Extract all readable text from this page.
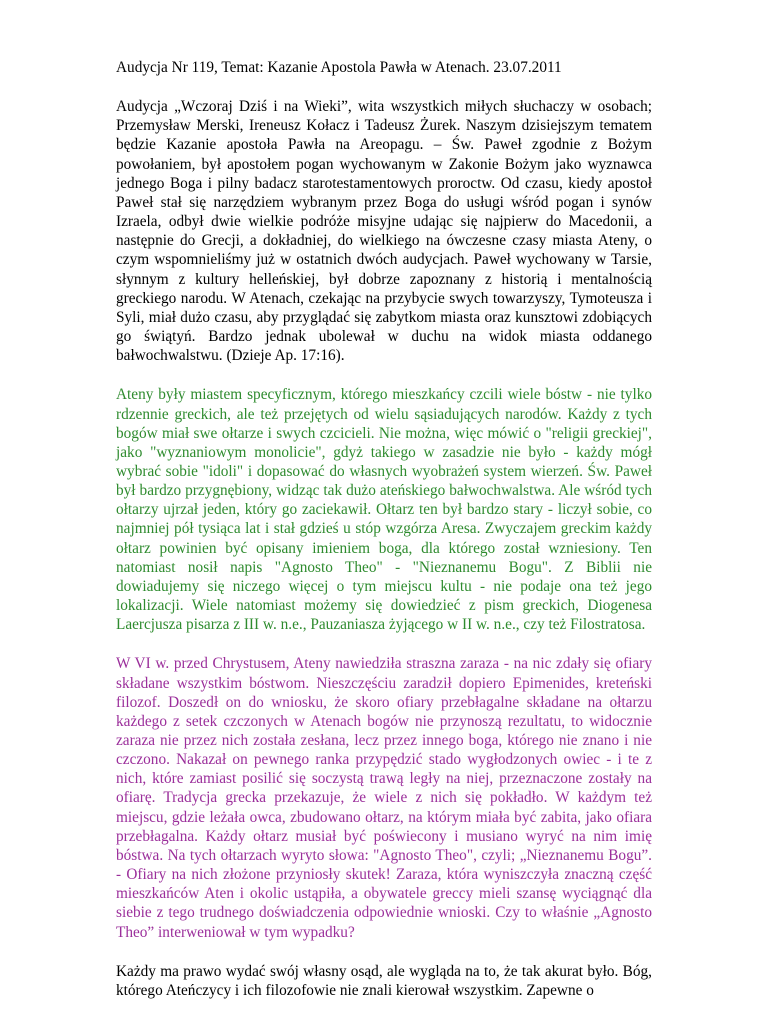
Audycja Nr 119, Temat: Kazanie Apostola Pawła w Atenach. 23.07.2011

Audycja „Wczoraj Dziś i na Wieki”, wita wszystkich miłych słuchaczy w osobach; Przemysław Merski, Ireneusz Kołacz i Tadeusz Żurek. Naszym dzisiejszym tematem będzie Kazanie apostoła Pawła na Areopagu. – Św. Paweł zgodnie z Bożym powołaniem, był apostołem pogan wychowanym w Zakonie Bożym jako wyznawca jednego Boga i pilny badacz starotestamentowych proroctw. Od czasu, kiedy apostoł Paweł stał się narzędziem wybranym przez Boga do usługi wśród pogan i synów Izraela, odbył dwie wielkie podróże misyjne udając się najpierw do Macedonii, a następnie do Grecji, a dokładniej, do wielkiego na ówczesne czasy miasta Ateny, o czym wspomnieliśmy już w ostatnich dwóch audycjach. Paweł wychowany w Tarsie, słynnym z kultury helleńskiej, był dobrze zapoznany z historią i mentalnością greckiego narodu. W Atenach, czekając na przybycie swych towarzyszy, Tymoteusza i Syli, miał dużo czasu, aby przyglądać się zabytkom miasta oraz kunsztowi zdobiących go świątyń. Bardzo jednak ubolewał w duchu na widok miasta oddanego bałwochwalstwu. (Dzieje Ap. 17:16).

Ateny były miastem specyficznym, którego mieszkańcy czcili wiele bóstw - nie tylko rdzennie greckich, ale też przejętych od wielu sąsiadujących narodów. Każdy z tych bogów miał swe ołtarze i swych czcicieli. Nie można, więc mówić o "religii greckiej", jako "wyznaniowym monolicie", gdyż takiego w zasadzie nie było - każdy mógł wybrać sobie "idoli" i dopasować do własnych wyobrażeń system wierzeń. Św. Paweł był bardzo przygnębiony, widząc tak dużo ateńskiego bałwochwalstwa. Ale wśród tych ołtarzy ujrzał jeden, który go zaciekawił. Ołtarz ten był bardzo stary - liczył sobie, co najmniej pół tysiąca lat i stał gdzieś u stóp wzgórza Aresa. Zwyczajem greckim każdy ołtarz powinien być opisany imieniem boga, dla którego został wzniesiony. Ten natomiast nosił napis "Agnosto Theo" - "Nieznanemu Bogu". Z Biblii nie dowiadujemy się niczego więcej o tym miejscu kultu - nie podaje ona też jego lokalizacji. Wiele natomiast możemy się dowiedzieć z pism greckich, Diogenesa Laercjusza pisarza z III w. n.e., Pauzaniasza żyjącego w II w. n.e., czy też Filostratosa.

W VI w. przed Chrystusem, Ateny nawiedziła straszna zaraza - na nic zdały się ofiary składane wszystkim bóstwom. Nieszczęściu zaradził dopiero Epimenides, kreteński filozof. Doszedł on do wniosku, że skoro ofiary przebłagalne składane na ołtarzu każdego z setek czczonych w Atenach bogów nie przynoszą rezultatu, to widocznie zaraza nie przez nich została zesłana, lecz przez innego boga, którego nie znano i nie czczono. Nakazał on pewnego ranka przypędzić stado wygłodzonych owiec - i te z nich, które zamiast posilić się soczystą trawą legły na niej, przeznaczone zostały na ofiarę. Tradycja grecka przekazuje, że wiele z nich się pokładło. W każdym też miejscu, gdzie leżała owca, zbudowano ołtarz, na którym miała być zabita, jako ofiara przebłagalna. Każdy ołtarz musiał być poświecony i musiano wyryć na nim imię bóstwa. Na tych ołtarzach wyryto słowa: "Agnosto Theo", czyli; „Nieznanemu Bogu”. - Ofiary na nich złożone przyniosły skutek! Zaraza, która wyniszczyła znaczną część mieszkańców Aten i okolic ustąpiła, a obywatele greccy mieli szansę wyciągnąć dla siebie z tego trudnego doświadczenia odpowiednie wnioski. Czy to właśnie „Agnosto Theo” interweniował w tym wypadku?

Każdy ma prawo wydać swój własny osąd, ale wygląda na to, że tak akurat było. Bóg, którego Ateńczycy i ich filozofowie nie znali kierował wszystkim. Zapewne o
